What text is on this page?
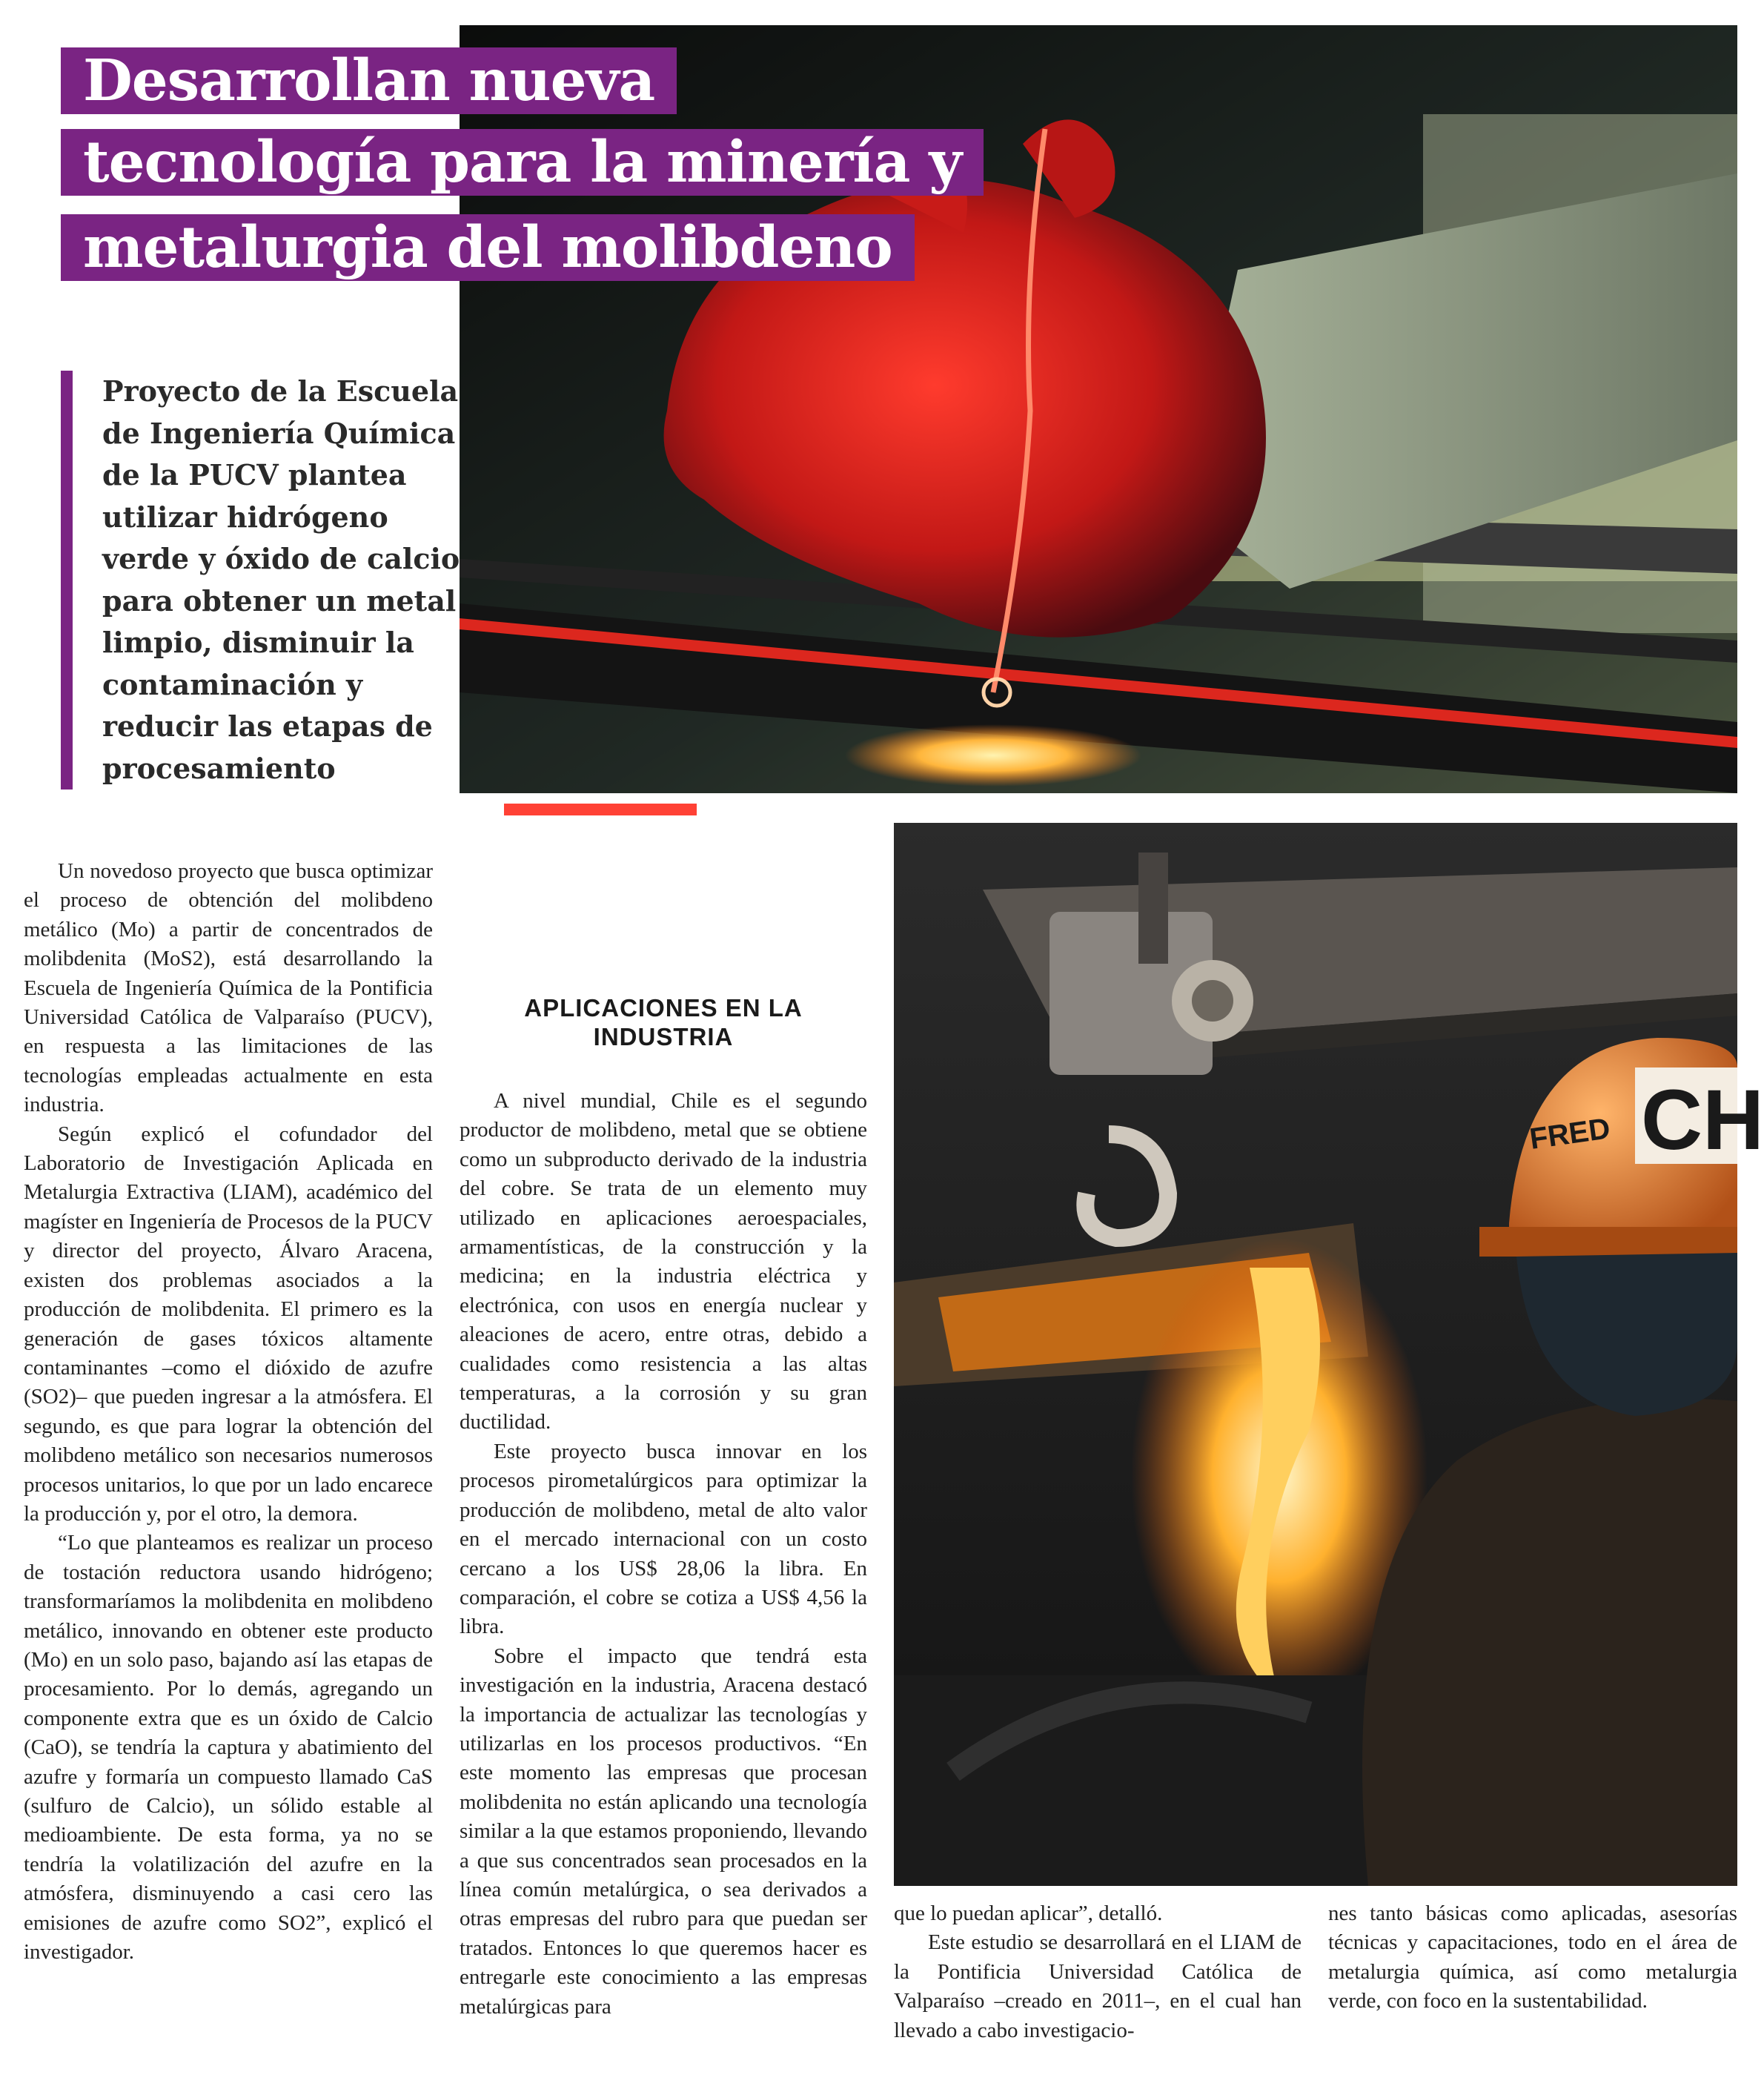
CH
FRED
Desarrollan nueva
tecnología para la minería y
metalurgia del molibdeno
Proyecto de la Escuela de Ingeniería Química de la PUCV plantea utilizar hidrógeno verde y óxido de calcio para obtener un metal limpio, disminuir la contaminación y reducir las etapas de procesamiento

Un novedoso proyecto que busca optimizar el proceso de obtención del molibdeno metálico (Mo) a partir de concentrados de molibdenita (MoS2), está desarrollando la Escuela de Ingeniería Química de la Pontificia Universidad Católica de Valparaíso (PUCV), en respuesta a las limitaciones de las tecnologías empleadas actualmente en esta industria.

Según explicó el cofundador del Laboratorio de Investigación Aplicada en Metalurgia Extractiva (LIAM), académico del magíster en Ingeniería de Procesos de la PUCV y director del proyecto, Álvaro Aracena, existen dos problemas asociados a la producción de molibdenita. El primero es la generación de gases tóxicos altamente contaminantes –como el dióxido de azufre (SO2)– que pueden ingresar a la atmósfera. El segundo, es que para lograr la obtención del molibdeno metálico son necesarios numerosos procesos unitarios, lo que por un lado encarece la producción y, por el otro, la demora.

“Lo que planteamos es realizar un proceso de tostación reductora usando hidrógeno; transformaríamos la molibdenita en molibdeno metálico, innovando en obtener este producto (Mo) en un solo paso, bajando así las etapas de procesamiento. Por lo demás, agregando un componente extra que es un óxido de Calcio (CaO), se tendría la captura y abatimiento del azufre y formaría un compuesto llamado CaS (sulfuro de Calcio), un sólido estable al medioambiente. De esta forma, ya no se tendría la volatilización del azufre en la atmósfera, disminuyendo a casi cero las emisiones de azufre como SO2”, explicó el investigador.

APLICACIONES EN LA INDUSTRIA

A nivel mundial, Chile es el segundo productor de molibdeno, metal que se obtiene como un subproducto derivado de la industria del cobre. Se trata de un elemento muy utilizado en aplicaciones aeroespaciales, armamentísticas, de la construcción y la medicina; en la industria eléctrica y electrónica, con usos en energía nuclear y aleaciones de acero, entre otras, debido a cualidades como resistencia a las altas temperaturas, a la corrosión y su gran ductilidad.

Este proyecto busca innovar en los procesos pirometalúrgicos para optimizar la producción de molibdeno, metal de alto valor en el mercado internacional con un costo cercano a los US$ 28,06 la libra. En comparación, el cobre se cotiza a US$ 4,56 la libra.

Sobre el impacto que tendrá esta investigación en la industria, Aracena destacó la importancia de actualizar las tecnologías y utilizarlas en los procesos productivos. “En este momento las empresas que procesan molibdenita no están aplicando una tecnología similar a la que estamos proponiendo, llevando a que sus concentrados sean procesados en la línea común metalúrgica, o sea derivados a otras empresas del rubro para que puedan ser tratados. Entonces lo que queremos hacer es entregarle este conocimiento a las empresas metalúrgicas para

que lo puedan aplicar”, detalló.

Este estudio se desarrollará en el LIAM de la Pontificia Universidad Católica de Valparaíso –creado en 2011–, en el cual han llevado a cabo investigacio-

nes tanto básicas como aplicadas, asesorías técnicas y capacitaciones, todo en el área de metalurgia química, así como metalurgia verde, con foco en la sustentabilidad.
